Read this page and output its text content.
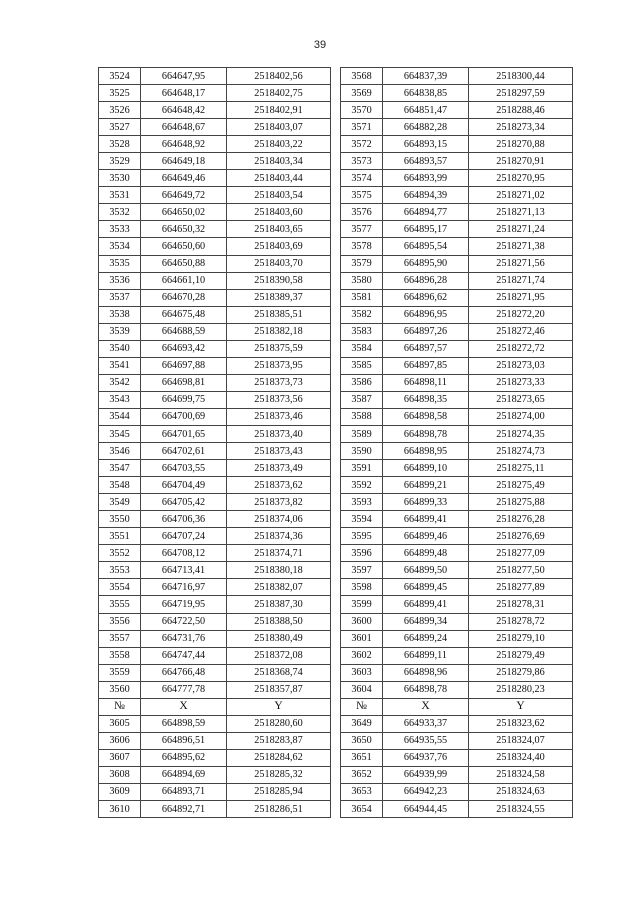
39
3524	664647,95	2518402,56		3568	664837,39	2518300,44
3525	664648,17	2518402,75		3569	664838,85	2518297,59
3526	664648,42	2518402,91		3570	664851,47	2518288,46
3527	664648,67	2518403,07		3571	664882,28	2518273,34
3528	664648,92	2518403,22		3572	664893,15	2518270,88
3529	664649,18	2518403,34		3573	664893,57	2518270,91
3530	664649,46	2518403,44		3574	664893,99	2518270,95
3531	664649,72	2518403,54		3575	664894,39	2518271,02
3532	664650,02	2518403,60		3576	664894,77	2518271,13
3533	664650,32	2518403,65		3577	664895,17	2518271,24
3534	664650,60	2518403,69		3578	664895,54	2518271,38
3535	664650,88	2518403,70		3579	664895,90	2518271,56
3536	664661,10	2518390,58		3580	664896,28	2518271,74
3537	664670,28	2518389,37		3581	664896,62	2518271,95
3538	664675,48	2518385,51		3582	664896,95	2518272,20
3539	664688,59	2518382,18		3583	664897,26	2518272,46
3540	664693,42	2518375,59		3584	664897,57	2518272,72
3541	664697,88	2518373,95		3585	664897,85	2518273,03
3542	664698,81	2518373,73		3586	664898,11	2518273,33
3543	664699,75	2518373,56		3587	664898,35	2518273,65
3544	664700,69	2518373,46		3588	664898,58	2518274,00
3545	664701,65	2518373,40		3589	664898,78	2518274,35
3546	664702,61	2518373,43		3590	664898,95	2518274,73
3547	664703,55	2518373,49		3591	664899,10	2518275,11
3548	664704,49	2518373,62		3592	664899,21	2518275,49
3549	664705,42	2518373,82		3593	664899,33	2518275,88
3550	664706,36	2518374,06		3594	664899,41	2518276,28
3551	664707,24	2518374,36		3595	664899,46	2518276,69
3552	664708,12	2518374,71		3596	664899,48	2518277,09
3553	664713,41	2518380,18		3597	664899,50	2518277,50
3554	664716,97	2518382,07		3598	664899,45	2518277,89
3555	664719,95	2518387,30		3599	664899,41	2518278,31
3556	664722,50	2518388,50		3600	664899,34	2518278,72
3557	664731,76	2518380,49		3601	664899,24	2518279,10
3558	664747,44	2518372,08		3602	664899,11	2518279,49
3559	664766,48	2518368,74		3603	664898,96	2518279,86
3560	664777,78	2518357,87		3604	664898,78	2518280,23
№	X	Y		№	X	Y
3605	664898,59	2518280,60		3649	664933,37	2518323,62
3606	664896,51	2518283,87		3650	664935,55	2518324,07
3607	664895,62	2518284,62		3651	664937,76	2518324,40
3608	664894,69	2518285,32		3652	664939,99	2518324,58
3609	664893,71	2518285,94		3653	664942,23	2518324,63
3610	664892,71	2518286,51		3654	664944,45	2518324,55
